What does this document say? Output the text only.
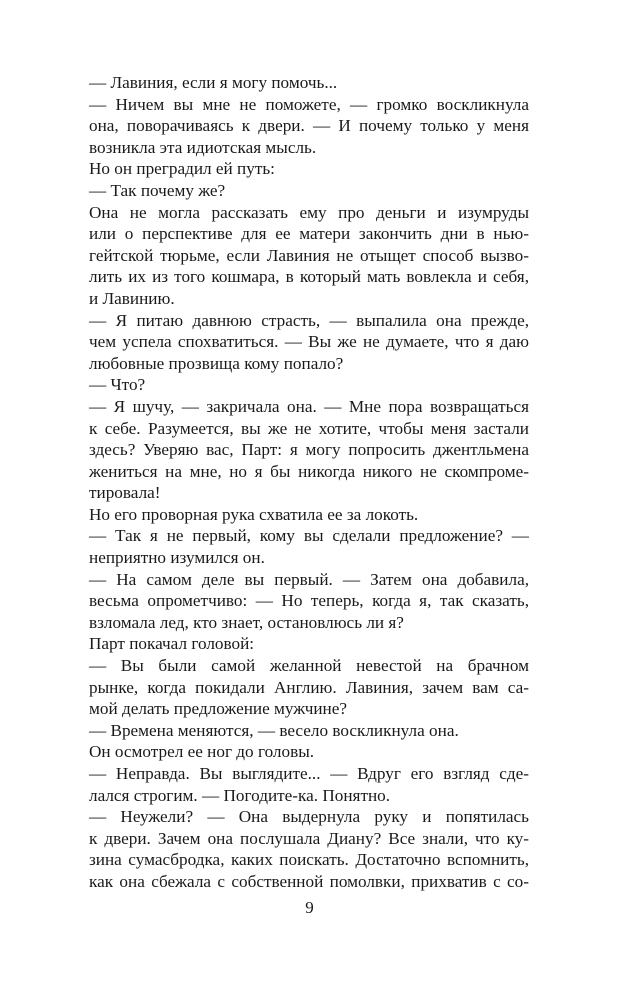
— Лавиния, если я могу помочь...
— Ничем вы мне не поможете, — громко воскликнула
она, поворачиваясь к двери. — И почему только у меня
возникла эта идиотская мысль.
Но он преградил ей путь:
— Так почему же?
Она не могла рассказать ему про деньги и изумруды
или о перспективе для ее матери закончить дни в нью-
гейтской тюрьме, если Лавиния не отыщет способ вызво-
лить их из того кошмара, в который мать вовлекла и себя,
и Лавинию.
— Я питаю давнюю страсть, — выпалила она прежде,
чем успела спохватиться. — Вы же не думаете, что я даю
любовные прозвища кому попало?
— Что?
— Я шучу, — закричала она. — Мне пора возвращаться
к себе. Разумеется, вы же не хотите, чтобы меня застали
здесь? Уверяю вас, Парт: я могу попросить джентльмена
жениться на мне, но я бы никогда никого не скомпроме-
тировала!
Но его проворная рука схватила ее за локоть.
— Так я не первый, кому вы сделали предложение? —
неприятно изумился он.
— На самом деле вы первый. — Затем она добавила,
весьма опрометчиво: — Но теперь, когда я, так сказать,
взломала лед, кто знает, остановлюсь ли я?
Парт покачал головой:
— Вы были самой желанной невестой на брачном
рынке, когда покидали Англию. Лавиния, зачем вам са-
мой делать предложение мужчине?
— Времена меняются, — весело воскликнула она.
Он осмотрел ее ног до головы.
— Неправда. Вы выглядите... — Вдруг его взгляд сде-
лался строгим. — Погодите-ка. Понятно.
— Неужели? — Она выдернула руку и попятилась
к двери. Зачем она послушала Диану? Все знали, что ку-
зина сумасбродка, каких поискать. Достаточно вспомнить,
как она сбежала с собственной помолвки, прихватив с со-
9
